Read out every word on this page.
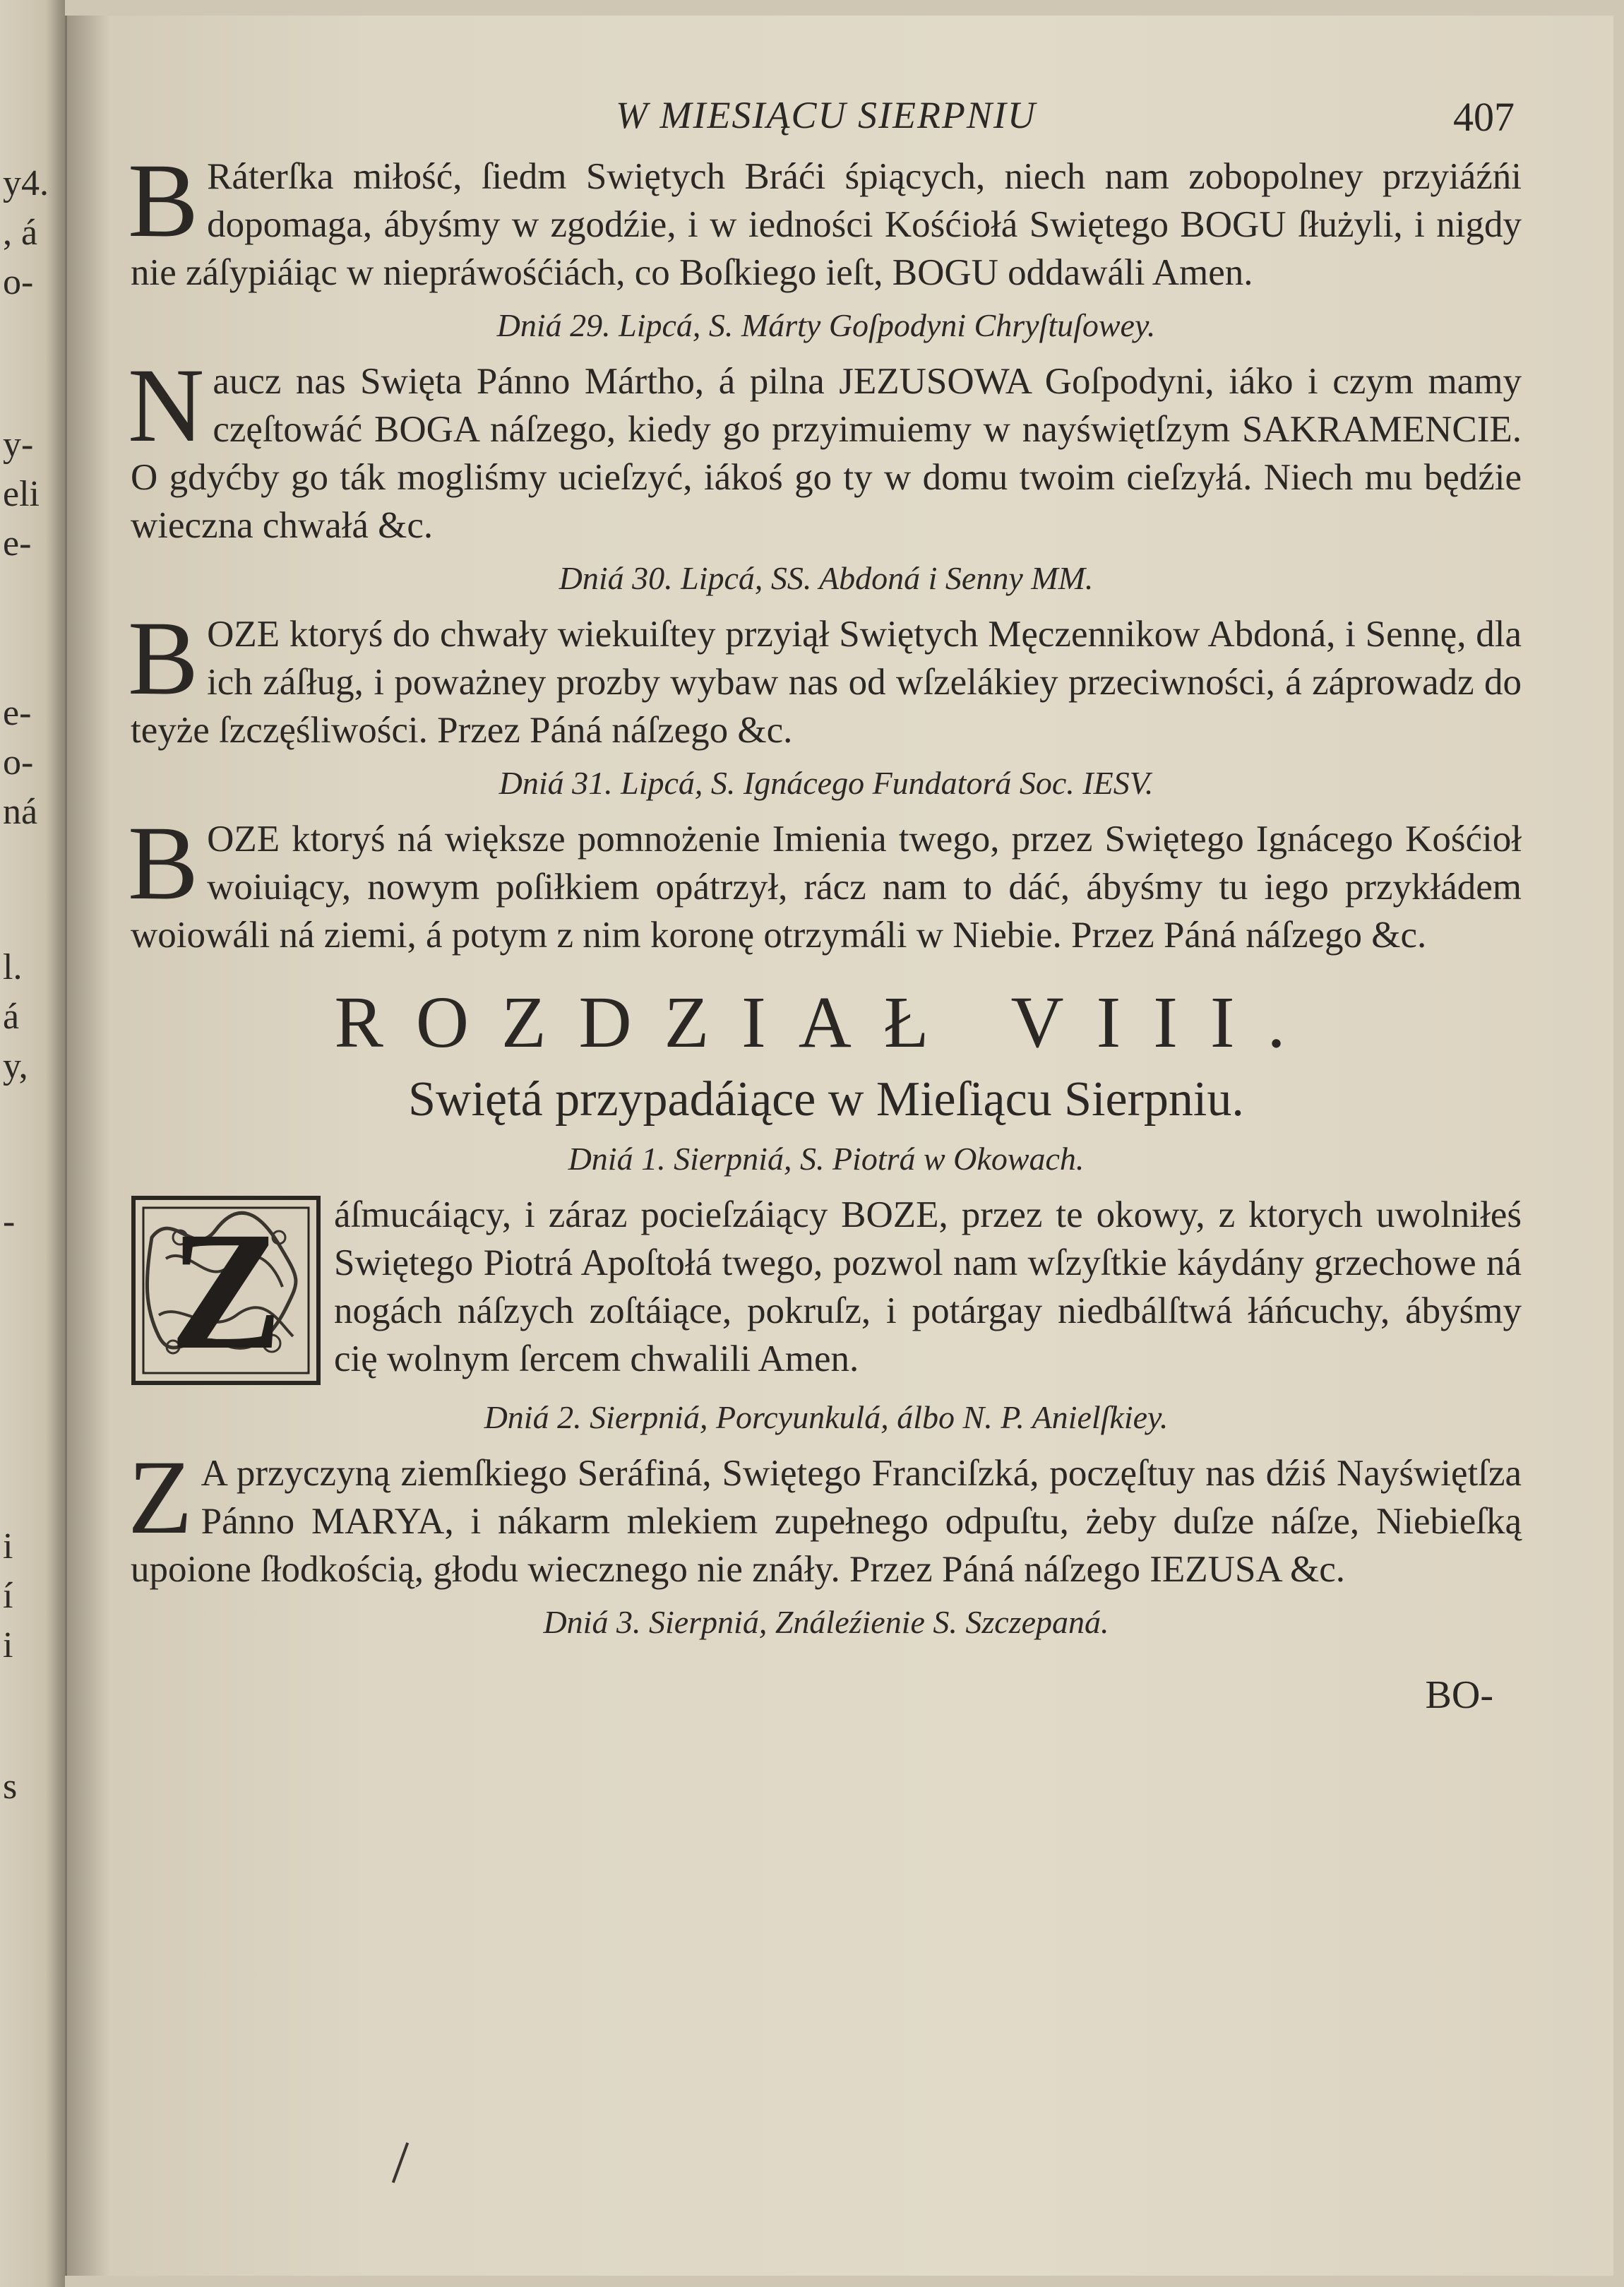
y4.
, á
o-
y-
eli
e-
e-
o-
ná
l.
á
y,
-
i
í
i
s
W MIESIĄCU SIERPNIU	407

B Ráterſka miłość, ſiedm Swiętych Bráći śpiących, niech nam zobopolney przyiáźńi dopomaga, ábyśmy w zgodźie, i w iedności Kośćiołá Swiętego BOGU ſłużyli, i nigdy nie záſypiáiąc w niepráwośćiách, co Boſkiego ieſt, BOGU oddawáli Amen.

Dniá 29. Lipcá, S. Márty Goſpodyni Chryſtuſowey.

Naucz nas Swięta Pánno Mártho, á pilna JEZUSOWA Goſpodyni, iáko i czym mamy częſtowáć BOGA náſzego, kiedy go przyimuiemy w nayświętſzym SAKRAMENCIE. O gdyćby go ták mogliśmy ucieſzyć, iákoś go ty w domu twoim cieſzyłá. Niech mu będźie wieczna chwałá &c.

Dniá 30. Lipcá, SS. Abdoná i Senny MM.

BOZE ktoryś do chwały wiekuiſtey przyiął Swiętych Męczennikow Abdoná, i Sennę, dla ich záſług, i poważney prozby wybaw nas od wſzelákiey przeciwności, á záprowadz do teyże ſzczęśliwości. Przez Páná náſzego &c.

Dniá 31. Lipcá, S. Ignácego Fundatorá Soc. IESV.

BOZE ktoryś ná większe pomnożenie Imienia twego, przez Swiętego Ignácego Kośćioł woiuiący, nowym poſiłkiem opátrzył, rácz nam to dáć, ábyśmy tu iego przykłádem woiowáli ná ziemi, á potym z nim koronę otrzymáli w Niebie. Przez Páná náſzego &c.

ROZDZIAŁ VIII.
Swiętá przypadáiące w Mieſiącu Sierpniu.
Dniá 1. Sierpniá, S. Piotrá w Okowach.

Z	áſmucáiący, i záraz pocieſzáiący BOZE, przez te okowy, z ktorych uwolniłeś Swiętego Piotrá Apoſtołá twego, pozwol nam wſzyſtkie káydány grzechowe ná nogách náſzych zoſtáiące, pokruſz, i potárgay niedbálſtwá łáńcuchy, ábyśmy cię wolnym ſercem chwalili Amen.

Dniá 2. Sierpniá, Porcyunkulá, álbo N. P. Anielſkiey.

Z A przyczyną ziemſkiego Seráfiná, Swiętego Franciſzká, poczęſtuy nas dźiś Nayświętſza Pánno MARYA, i nákarm mlekiem zupełnego odpuſtu, żeby duſze náſze, Niebieſką upoione ſłodkością, głodu wiecznego nie znáły. Przez Páná náſzego IEZUSA &c.

Dniá 3. Sierpniá, Ználeźienie S. Szczepaná.
BO-
